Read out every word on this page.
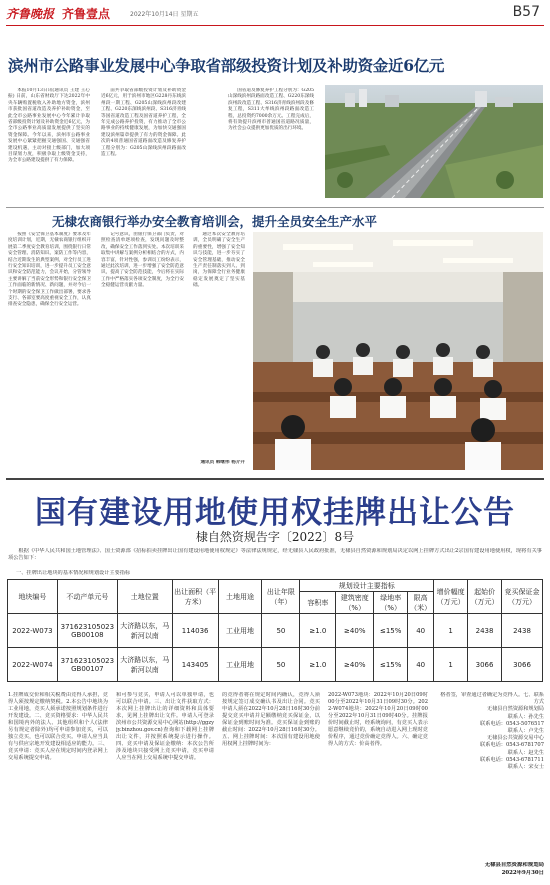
齐鲁晚报 齐鲁壹点	2022年10月14日 星期五	B57
滨州市公路事业发展中心争取省部级投资计划及补助资金近6亿元

本报10月13日讯(通讯员 王建 王心振) 日前，山东省财政厅下达2022年中央车辆购置税收入补助地方资金，滨州市获批国省道改造及养护补助资金，至此全市公路事业发展中心今年累计争取省部级投资计划及补助资金近6亿元，为全市公路事业高质量发展提供了坚实的资金保障。今年以来，滨州市公路事业发展中心紧紧把握交通强国、交通强省建设机遇，主动对接上级部门，加大项目谋划力度，积极争取上级资金支持，为全市公路建设提供了有力保障。

前共争取省部级投资计划及补助资金近6亿元，用于滨州市地区G228丹东线滨州段一期工程、G205山深线滨州段改建工程、G220东深线滨州段、S316济青线等国省道改造工程及国省道养护工程，全年完成公路养护投资，有力推动了全市公路事业的持续健康发展，为加快交通强国建设滨州篇章提供了有力的资金保障。此次的4项普通国省道路面改造及修复养护工程分别为：G205山深线滨州段路面改造工程。

国省道及修复养护工程分别为：G205山深线滨州段路面改造工程、G220东深线滨州段改造工程、S316济青线滨州段及修复工程，S311大牟线滨州段路面改造工程，总投资约7000余万元。工程完成后，将有效提升滨州市普通国省道路况质量，为社会公众提供更加优质的出行环境。

无棣农商银行举办安全教育培训会，提升全员安全生产水平

按照《安全保卫基本制度》要求及年度培训计划，近期，无棣农商银行组织开展第二季度安全教育培训，围绕银行日常安全管理、消防知识、案防工作等内容，结合近期发生的典型案例，对全行员工进行安全知识培训，进一步提升员工安全意识和安全防范能力，会议开始，分管领导主要讲解了当前安全形势和银行安全保卫工作面临的新情况、新问题，并对今后一个时期的安全保卫工作做出部署，要求各支行、各部室要高度重视安全工作，认真排查安全隐患，确保全行安全运营。

记号意识，由银行保卫部门负责，对照检查清单逐项检查，发现问题及时整改，确保安全工作落到实处。本次培训采取集中讲解与案例分析相结合的方式，内容丰富，针对性强，参训员工纷纷表示，通过此次培训，进一步增强了安全防范意识，提高了安全防范技能，今后将在实际工作中严格落实各项安全制度，为全行安全稳健运营贡献力量。

通过本次安全教育培训，全员明确了安全生产的重要性，增强了安全知识与技能，进一步夯实了安全管理基础，推动安全生产责任制落实到人、到岗，为保障全行业务健康稳定发展奠定了坚实基础。

通讯员 韩继伟 杨介升
国有建设用地使用权挂牌出让公告
棣自然资规告字〔2022〕8号

根据《中华人民共和国土地管理法》、国土资源部《招标拍卖挂牌出让国有建设用地使用权规定》等法律法规规定，经无棣县人民政府批准，无棣县自然资源和规划局决定以网上挂牌方式出让2宗国有建设用地使用权，现将有关事项公告如下：

一、挂牌出让地块的基本情况和规划设计主要指标
地块编号	不动产单元号	土地位置	出让面积（平方米）	土地用途	出让年限（年）	规划设计主要指标				增价幅度（万元）	起始价（万元）	竞买保证金（万元）
						容积率	建筑密度（%）	绿地率（%）	限高（米）			
2022-W073	371623105023 GB00108	大济路以东，马新河以南	114036	工业用地	50	≥1.0	≥40%	≤15%	40	1	2438	2438
2022-W074	371623105023 GB00107	大济路以东，马新河以南	143405	工业用地	50	≥1.0	≥40%	≤15%	40	1	3066	3066

1.挂牌成交价和相关税费由竞得人承担，竞得人须按规定缴纳契税。2.本公告中地块为工业用地，竞买人须承诺按照规划条件进行开发建设。二、竞买资格要求：中华人民共和国境内外的法人、其他组织和个人(法律另有规定者除外)均可申请参加竞买，可以独立竞买，也可以联合竞买。申请人应当具有与供应宗地开发建设相适应的能力。三、竞买申请：竞买人应在规定时间内登录网上交易系统提交申请。

和可参与竞买，申请人可以单独申请，也可以联合申请。三、出让文件获取方式：本次网上挂牌出让的详细资料和具体要求，见网上挂牌出让文件。申请人可登录滨州市公共资源交易中心网站(http://ggzyjy.binzhou.gov.cn)查询和下载网上挂牌出让文件，并按照系统提示进行操作。四、竞买申请及保证金缴纳：本次公告所涉及地块只接受网上竞买申请，竞买申请人应当在网上交易系统中提交申请。

的竞得者将在规定时间内确认，竞得人须按规定签订成交确认书及出让合同。竞买申请人须在2022年10月28日16时30分前提交竞买申请并足额缴纳竞买保证金，以保证金到账时间为准。竞买保证金到账的截止时间：2022年10月28日16时30分。五、网上挂牌时间：本次国有建设用地使用权网上挂牌时间为：

2022-W073地块：2022年10月20日09时00分至2022年10月31日09时30分。2022-W074地块：2022年10月20日09时00分至2022年10月31日09时40分。挂牌报价时间截止时，经系统询问，有竞买人表示愿意继续竞价的，系统自动进入网上现时竞价程序，通过竞价确定竞得人。六、确定竞得人的方式：价高者得。

格者签，审查通过者确定为竞得人。七、联系方式
无棣县自然资源和规划局
联系人：孙先生
联系电话：0543-5076517
联系人：卢先生
无棣县公共资源交易中心
联系电话：0543-6781707
联系人：赵先生
联系电话：0543-6781711
联系人：宋女士
无棣县自然资源和规划局
2022年9月30日
